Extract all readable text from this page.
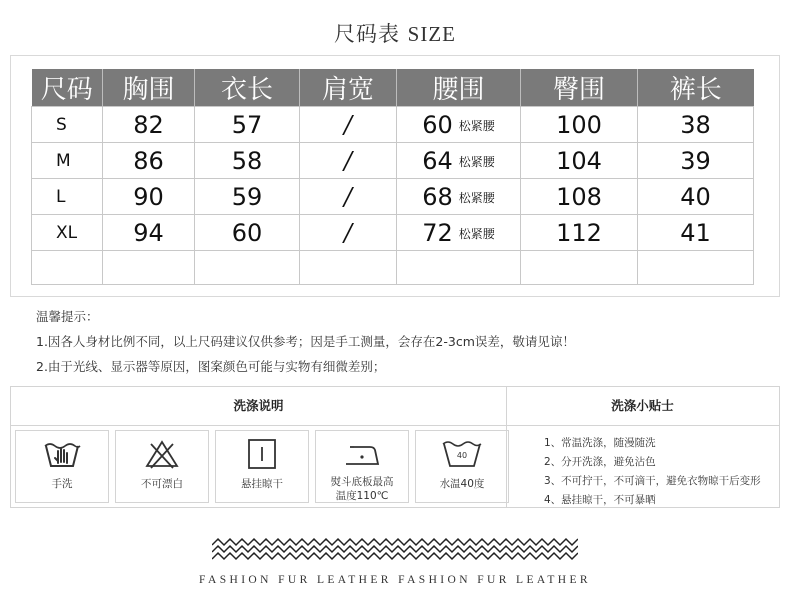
尺码表 SIZE
尺码	胸围	衣长	肩宽	腰围	臀围	裤长
S	82	57	/	60 松紧腰	100	38
M	86	58	/	64 松紧腰	104	39
L	90	59	/	68 松紧腰	108	40
XL	94	60	/	72 松紧腰	112	41

温馨提示：
1.因各人身材比例不同，以上尺码建议仅供参考；因是手工测量，会存在2-3cm误差，敬请见谅！
2.由于光线、显示器等原因，图案颜色可能与实物有细微差别；
洗涤说明	洗涤小贴士
手洗	不可漂白	悬挂晾干	熨斗底板最高
温度110℃
40
水温40度
1、常温洗涤，随漫随洗
2、分开洗涤，避免沾色
3、不可拧干，不可滴干，避免衣物晾干后变形
4、悬挂晾干，不可暴晒
FASHION FUR LEATHER FASHION FUR LEATHER
